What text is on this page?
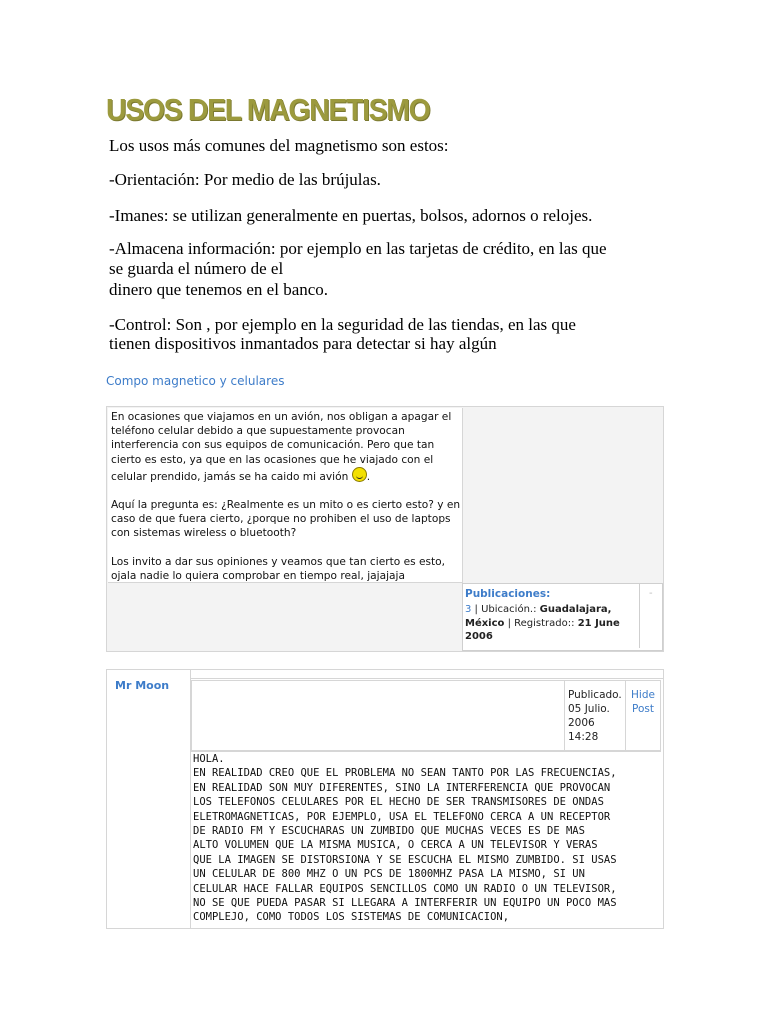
USOS DEL MAGNETISMO
Los usos más comunes del magnetismo son estos:
-Orientación: Por medio de las brújulas.
-Imanes: se utilizan generalmente en puertas, bolsos, adornos o relojes.
-Almacena información: por ejemplo en las tarjetas de crédito, en las que
se guarda el número de el
dinero que tenemos en el banco.
-Control: Son , por ejemplo en la seguridad de las tiendas, en las que
tienen dispositivos inmantados para detectar si hay algún
Compo magnetico y celulares
En ocasiones que viajamos en un avión, nos obligan a apagar el teléfono celular debido a que supuestamente provocan interferencia con sus equipos de comunicación. Pero que tan cierto es esto, ya que en las ocasiones que he viajado con el celular prendido, jamás se ha caido mi avión .
Aquí la pregunta es: ¿Realmente es un mito o es cierto esto? y en caso de que fuera cierto, ¿porque no prohiben el uso de laptops con sistemas wireless o bluetooth?
Los invito a dar sus opiniones y veamos que tan cierto es esto, ojala nadie lo quiera comprobar en tiempo real, jajajaja
Publicaciones:
3 | Ubicación.: Guadalajara, México | Registrado:: 21 June 2006
-
Mr Moon
Publicado.
05 Julio.
2006
14:28
Hide
Post
HOLA.
EN REALIDAD CREO QUE EL PROBLEMA NO SEAN TANTO POR LAS FRECUENCIAS,
EN REALIDAD SON MUY DIFERENTES, SINO LA INTERFERENCIA QUE PROVOCAN
LOS TELEFONOS CELULARES POR EL HECHO DE SER TRANSMISORES DE ONDAS
ELETROMAGNETICAS, POR EJEMPLO, USA EL TELEFONO CERCA A UN RECEPTOR
DE RADIO FM Y ESCUCHARAS UN ZUMBIDO QUE MUCHAS VECES ES DE MAS
ALTO VOLUMEN QUE LA MISMA MUSICA, O CERCA A UN TELEVISOR Y VERAS
QUE LA IMAGEN SE DISTORSIONA Y SE ESCUCHA EL MISMO ZUMBIDO. SI USAS
UN CELULAR DE 800 MHZ O UN PCS DE 1800MHZ PASA LA MISMO, SI UN
CELULAR HACE FALLAR EQUIPOS SENCILLOS COMO UN RADIO O UN TELEVISOR,
NO SE QUE PUEDA PASAR SI LLEGARA A INTERFERIR UN EQUIPO UN POCO MAS
COMPLEJO, COMO TODOS LOS SISTEMAS DE COMUNICACION,
